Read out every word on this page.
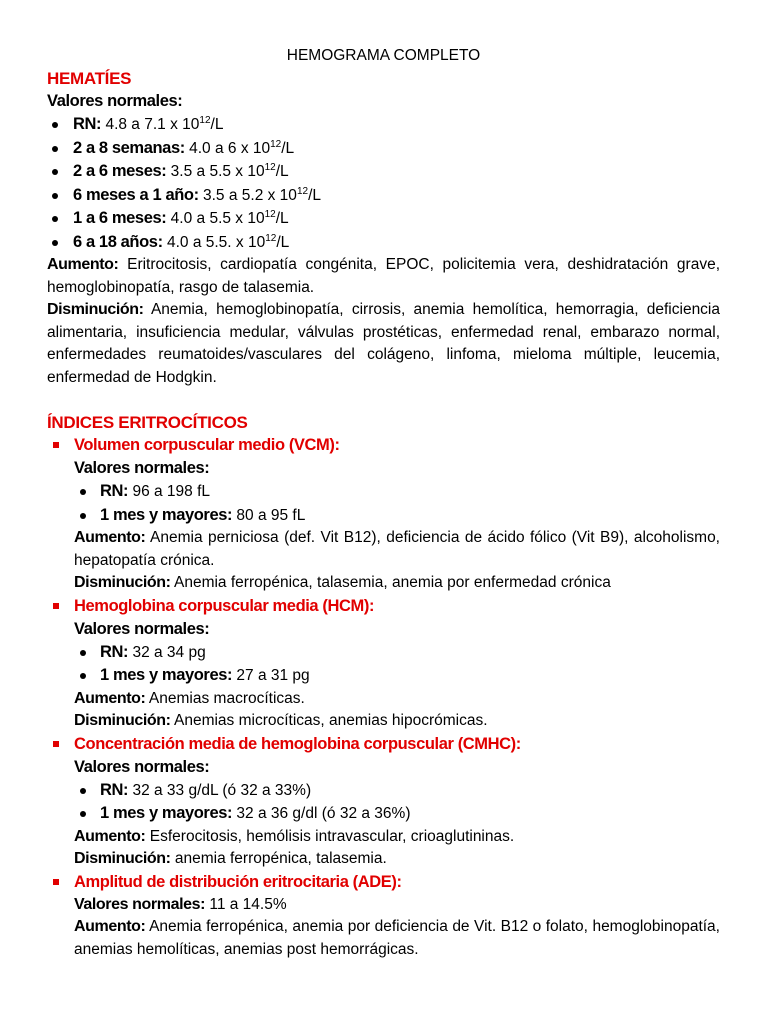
HEMOGRAMA COMPLETO
HEMATÍES
Valores normales:
RN: 4.8 a 7.1 x $10^{12}/L$
2 a 8 semanas: 4.0 a 6 x $10^{12}/L$
2 a 6 meses: 3.5 a 5.5 x $10^{12}/L$
6 meses a 1 año: 3.5 a 5.2 x $10^{12}/L$
1 a 6 meses: 4.0 a 5.5 x $10^{12}/L$
6 a 18 años: 4.0 a 5.5. x $10^{12}/L$
Aumento: Eritrocitosis, cardiopatía congénita, EPOC, policitemia vera, deshidratación grave, hemoglobinopatía, rasgo de talasemia.
Disminución: Anemia, hemoglobinopatía, cirrosis, anemia hemolítica, hemorragia, deficiencia alimentaria, insuficiencia medular, válvulas prostéticas, enfermedad renal, embarazo normal, enfermedades reumatoides/vasculares del colágeno, linfoma, mieloma múltiple, leucemia, enfermedad de Hodgkin.
ÍNDICES ERITROCÍTICOS
Volumen corpuscular medio (VCM):
Valores normales:
RN: 96 a 198 fL
1 mes y mayores: 80 a 95 fL
Aumento: Anemia perniciosa (def. Vit B12), deficiencia de ácido fólico (Vit B9), alcoholismo, hepatopatía crónica.
Disminución: Anemia ferropénica, talasemia, anemia por enfermedad crónica
Hemoglobina corpuscular media (HCM):
Valores normales:
RN: 32 a 34 pg
1 mes y mayores: 27 a 31 pg
Aumento: Anemias macrocíticas.
Disminución: Anemias microcíticas, anemias hipocrómicas.
Concentración media de hemoglobina corpuscular (CMHC):
Valores normales:
RN: 32 a 33 g/dL (ó 32 a 33%)
1 mes y mayores: 32 a 36 g/dl (ó 32 a 36%)
Aumento: Esferocitosis, hemólisis intravascular, crioaglutininas.
Disminución: anemia ferropénica, talasemia.
Amplitud de distribución eritrocitaria (ADE):
Valores normales: 11 a 14.5%
Aumento: Anemia ferropénica, anemia por deficiencia de Vit. B12 o folato, hemoglobinopatía, anemias hemolíticas, anemias post hemorrágicas.
